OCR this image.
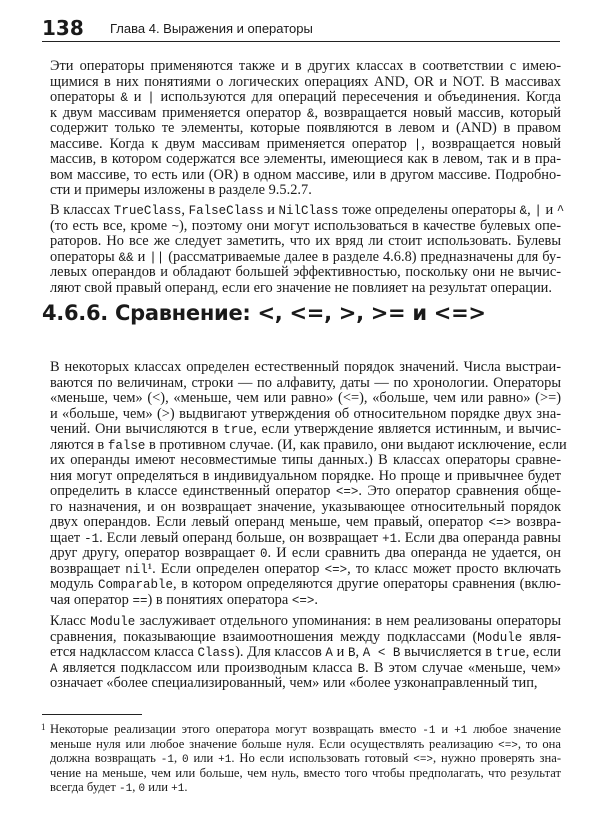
138 Глава 4. Выражения и операторы
Эти операторы применяются также и в других классах в соответствии с имею-
щимися в них понятиями о логических операциях AND, OR и NOT. В массивах
операторы & и | используются для операций пересечения и объединения. Когда
к двум массивам применяется оператор &, возвращается новый массив, который
содержит только те элементы, которые появляются в левом и (AND) в правом
массиве. Когда к двум массивам применяется оператор |, возвращается новый
массив, в котором содержатся все элементы, имеющиеся как в левом, так и в пра-
вом массиве, то есть или (OR) в одном массиве, или в другом массиве. Подробно-
сти и примеры изложены в разделе 9.5.2.7.
В классах TrueClass, FalseClass и NilClass тоже определены операторы &, | и ^
(то есть все, кроме ~), поэтому они могут использоваться в качестве булевых опе-
раторов. Но все же следует заметить, что их вряд ли стоит использовать. Булевы
операторы && и || (рассматриваемые далее в разделе 4.6.8) предназначены для бу-
левых операндов и обладают большей эффективностью, поскольку они не вычис-
ляют свой правый операнд, если его значение не повлияет на результат операции.
4.6.6. Сравнение: <, <=, >, >= и <=>
В некоторых классах определен естественный порядок значений. Числа выстраи-
ваются по величинам, строки — по алфавиту, даты — по хронологии. Операторы
«меньше, чем» (<), «меньше, чем или равно» (<=), «больше, чем или равно» (>=)
и «больше, чем» (>) выдвигают утверждения об относительном порядке двух зна-
чений. Они вычисляются в true, если утверждение является истинным, и вычис-
ляются в false в противном случае. (И, как правило, они выдают исключение, если
их операнды имеют несовместимые типы данных.) В классах операторы сравне-
ния могут определяться в индивидуальном порядке. Но проще и привычнее будет
определить в классе единственный оператор <=>. Это оператор сравнения обще-
го назначения, и он возвращает значение, указывающее относительный порядок
двух операндов. Если левый операнд меньше, чем правый, оператор <=> возвра-
щает -1. Если левый операнд больше, он возвращает +1. Если два операнда равны
друг другу, оператор возвращает 0. И если сравнить два операнда не удается, он
возвращает nil¹. Если определен оператор <=>, то класс может просто включать
модуль Comparable, в котором определяются другие операторы сравнения (вклю-
чая оператор ==) в понятиях оператора <=>.
Класс Module заслуживает отдельного упоминания: в нем реализованы операторы
сравнения, показывающие взаимоотношения между подклассами (Module явля-
ется надклассом класса Class). Для классов A и B, A < B вычисляется в true, если
A является подклассом или производным класса B. В этом случае «меньше, чем»
означает «более специализированный, чем» или «более узконаправленный тип,
1 Некоторые реализации этого оператора могут возвращать вместо -1 и +1 любое значение
меньше нуля или любое значение больше нуля. Если осуществлять реализацию <=>, то она
должна возвращать -1, 0 или +1. Но если использовать готовый <=>, нужно проверять зна-
чение на меньше, чем или больше, чем нуль, вместо того чтобы предполагать, что результат
всегда будет -1, 0 или +1.
